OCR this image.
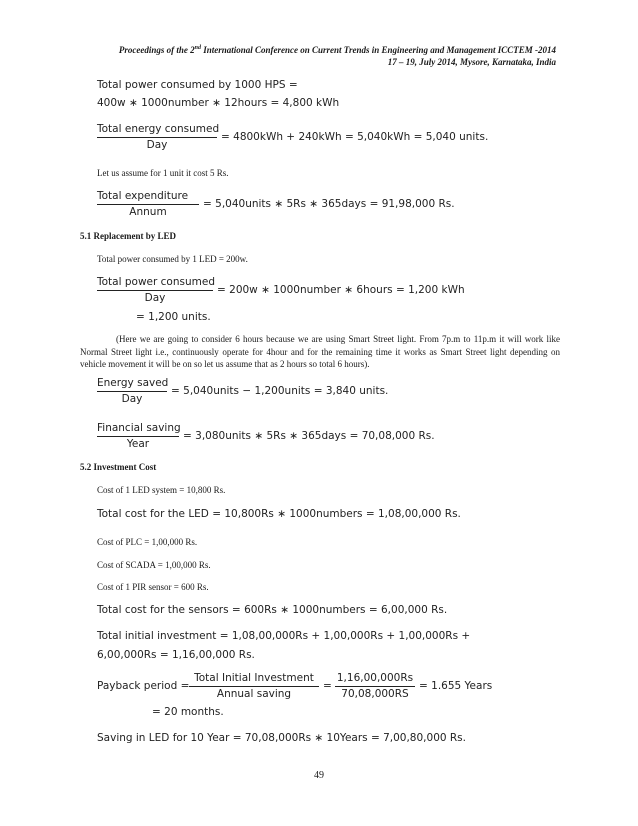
Proceedings of the 2nd International Conference on Current Trends in Engineering and Management ICCTEM -2014
17 – 19, July 2014, Mysore, Karnataka, India
Total power consumed by 1000 HPS =
400w ∗ 1000number ∗ 12hours = 4,800 kWh
Total energy consumed
Day
= 4800kWh + 240kWh = 5,040kWh = 5,040 units.
Let us assume for 1 unit it cost 5 Rs.
Total expenditure
Annum
= 5,040units ∗ 5Rs ∗ 365days = 91,98,000 Rs.
5.1 Replacement by LED
Total power consumed by 1 LED = 200w.
Total power consumed
Day
= 200w ∗ 1000number ∗ 6hours = 1,200 kWh
= 1,200 units.

(Here we are going to consider 6 hours because we are using Smart Street light. From 7p.m to 11p.m it will work like Normal Street light i.e., continuously operate for 4hour and for the remaining time it works as Smart Street light depending on vehicle movement it will be on so let us assume that as 2 hours so total 6 hours).

Energy saved
Day
= 5,040units − 1,200units = 3,840 units.
Financial saving
Year
= 3,080units ∗ 5Rs ∗ 365days = 70,08,000 Rs.
5.2 Investment Cost
Cost of 1 LED system = 10,800 Rs.
Total cost for the LED = 10,800Rs ∗ 1000numbers = 1,08,00,000 Rs.
Cost of PLC = 1,00,000 Rs.
Cost of SCADA = 1,00,000 Rs.
Cost of 1 PIR sensor = 600 Rs.
Total cost for the sensors = 600Rs ∗ 1000numbers = 6,00,000 Rs.
Total initial investment = 1,08,00,000Rs + 1,00,000Rs + 1,00,000Rs +
6,00,000Rs = 1,16,00,000 Rs.
Payback period =
Total Initial Investment
Annual saving
=
1,16,00,000Rs
70,08,000RS
= 1.655 Years
= 20 months.
Saving in LED for 10 Year = 70,08,000Rs ∗ 10Years = 7,00,80,000 Rs.
49
